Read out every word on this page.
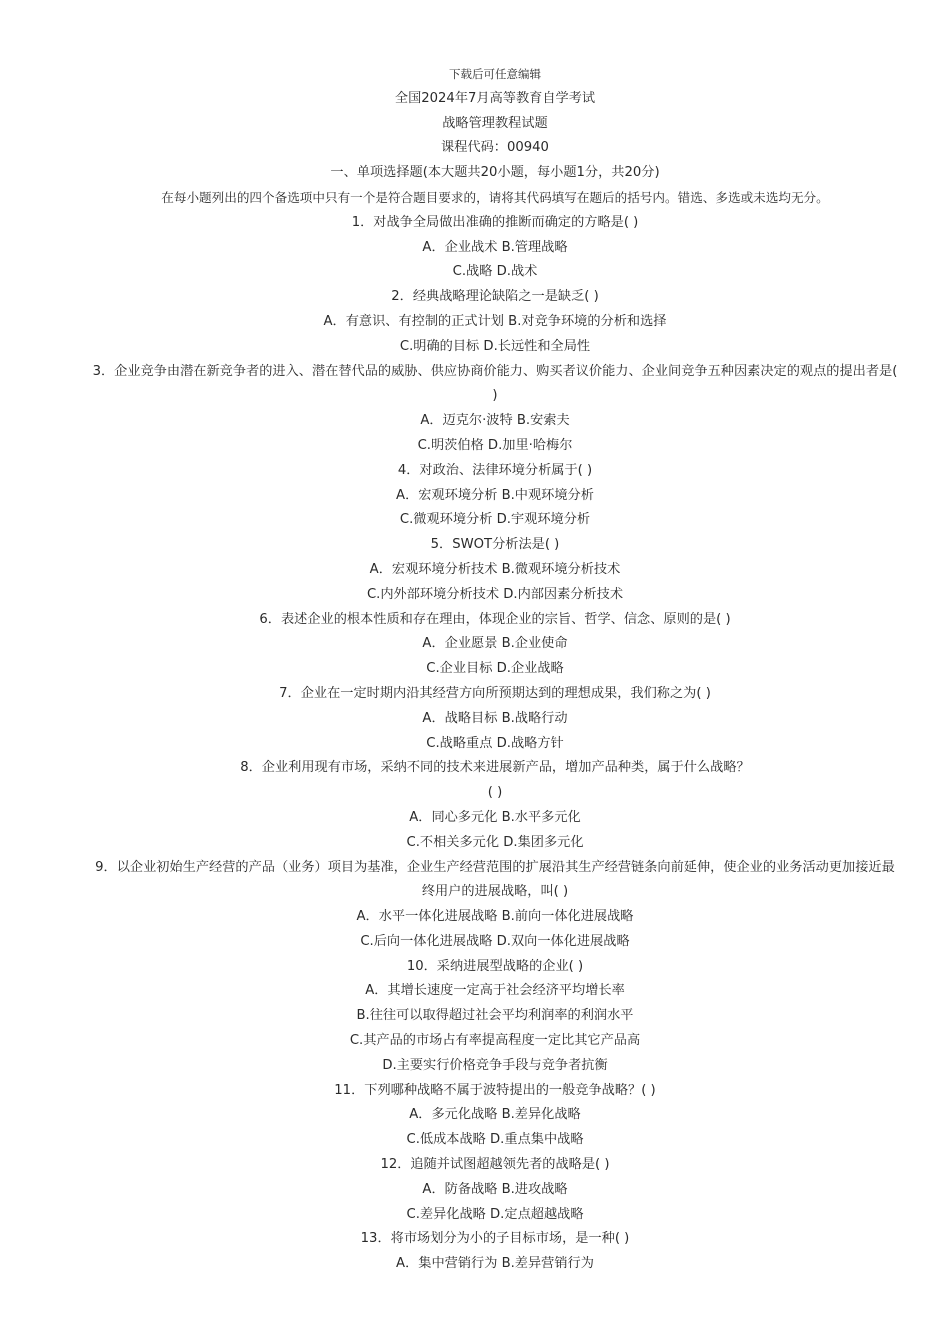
下载后可任意编辑
全国2024年7月高等教育自学考试
战略管理教程试题
课程代码：00940
一、单项选择题(本大题共20小题，每小题1分，共20分)
在每小题列出的四个备选项中只有一个是符合题目要求的，请将其代码填写在题后的括号内。错选、多选或未选均无分。
1．对战争全局做出准确的推断而确定的方略是( )
A．企业战术 B.管理战略
C.战略 D.战术
2．经典战略理论缺陷之一是缺乏( )
A．有意识、有控制的正式计划 B.对竞争环境的分析和选择
C.明确的目标 D.长远性和全局性
3．企业竞争由潜在新竞争者的进入、潜在替代品的威胁、供应协商价能力、购买者议价能力、企业间竞争五种因素决定的观点的提出者是( )
A．迈克尔·波特 B.安索夫
C.明茨伯格 D.加里·哈梅尔
4．对政治、法律环境分析属于( )
A．宏观环境分析 B.中观环境分析
C.微观环境分析 D.宇观环境分析
5．SWOT分析法是( )
A．宏观环境分析技术 B.微观环境分析技术
C.内外部环境分析技术 D.内部因素分析技术
6．表述企业的根本性质和存在理由，体现企业的宗旨、哲学、信念、原则的是( )
A．企业愿景 B.企业使命
C.企业目标 D.企业战略
7．企业在一定时期内沿其经营方向所预期达到的理想成果，我们称之为( )
A．战略目标 B.战略行动
C.战略重点 D.战略方针
8．企业利用现有市场，采纳不同的技术来进展新产品，增加产品种类，属于什么战略？
( )
A．同心多元化 B.水平多元化
C.不相关多元化 D.集团多元化
9．以企业初始生产经营的产品（业务）项目为基准，企业生产经营范围的扩展沿其生产经营链条向前延伸，使企业的业务活动更加接近最终用户的进展战略，叫( )
A．水平一体化进展战略 B.前向一体化进展战略
C.后向一体化进展战略 D.双向一体化进展战略
10．采纳进展型战略的企业( )
A．其增长速度一定高于社会经济平均增长率
B.往往可以取得超过社会平均利润率的利润水平
C.其产品的市场占有率提高程度一定比其它产品高
D.主要实行价格竞争手段与竞争者抗衡
11．下列哪种战略不属于波特提出的一般竞争战略？( )
A．多元化战略 B.差异化战略
C.低成本战略 D.重点集中战略
12．追随并试图超越领先者的战略是( )
A．防备战略 B.进攻战略
C.差异化战略 D.定点超越战略
13．将市场划分为小的子目标市场，是一种( )
A．集中营销行为 B.差异营销行为
